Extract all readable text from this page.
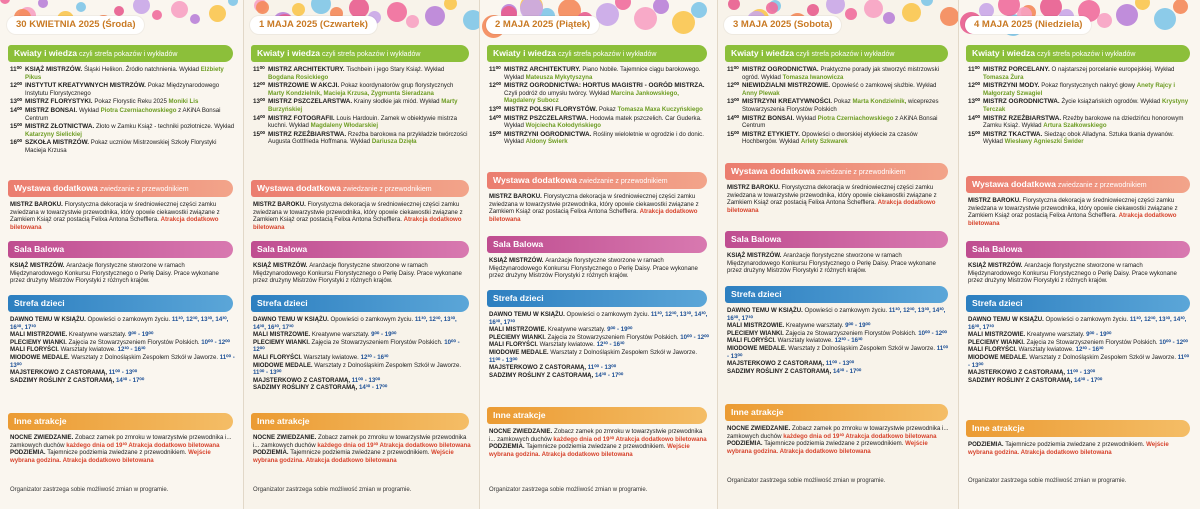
30 KWIETNIA 2025 (Środa)
Kwiaty i wiedza czyli strefa pokazów i wykładów
11⁰⁰ KSIĄŻ MISTRZÓW. Śląski Helikon. Źródło natchnienia. Wykład Elżbiety Pikus
12⁰⁰ INSTYTUT KREATYWNYCH MISTRZÓW. Pokaz Międzynarodowego Instytutu Florystycznego
13⁰⁰ MISTRZ FLORYSTYKI. Pokaz Florystic Reku 2025 Moniki Lis
14⁰⁰ MISTRZ BONSAI. Wykład Piotra Czerniachowskiego z AKiNA Bonsai Centrum
15⁰⁰ MISTRZ ZŁOTNICTWA. Złoto w Zamku Książ - techniki pozłotnicze. Wykład Katarzyny Sielickiej
16⁰⁰ SZKOŁA MISTRZÓW. Pokaz uczniów Mistrzowskiej Szkoły Florystyki Macieja Krzusa
Wystawa dodatkowa zwiedzanie z przewodnikiem
MISTRZ BAROKU. Florystyczna dekoracja w średniowiecznej części zamku zwiedzana w towarzystwie przewodnika, który opowie ciekawostki związane z Zamkiem Książ oraz postacią Felixa Antona Schefflera. Atrakcja dodatkowo biletowana
Sala Balowa
KSIĄŻ MISTRZÓW. Aranżacje florystyczne stworzone w ramach Międzynarodowego Konkursu Florystycznego o Perłę Daisy. Prace wykonane przez drużyny Mistrzów Florystyki z różnych krajów.
Strefa dzieci
DAWNO TEMU W KSIĄŻU. Opowieści o zamkowym życiu. 11³⁰, 12³⁰, 13³⁰, 14³⁰, 16³⁰, 17³⁰
MALI MISTRZOWIE. Kreatywne warsztaty. 9⁰⁰ - 19⁰⁰
PLECIEMY WIANKI. Zajęcia ze Stowarzyszeniem Florystów Polskich. 10⁰⁰ - 12⁰⁰
MALI FLORYŚCI. Warsztaty kwiatowe. 12³⁰ - 16³⁰
MIODOWE MEDALE. Warsztaty z Dolnośląskim Zespołem Szkół w Jaworze. 11⁰⁰ - 13⁰⁰
MAJSTERKOWO Z CASTORAMĄ, 11⁰⁰ - 13⁰⁰
SADZIMY ROŚLINY Z CASTORAMĄ, 14³⁰ - 17⁰⁰
Inne atrakcje
NOCNE ZWIEDZANIE. Zobacz zamek po zmroku w towarzystwie przewodnika i... zamkowych duchów każdego dnia od 19³⁰ Atrakcja dodatkowo biletowana
PODZIEMIA. Tajemnicze podziemia zwiedzane z przewodnikiem. Wejście wybrana godzina. Atrakcja dodatkowo biletowana
Organizator zastrzega sobie możliwość zmian w programie.
1 MAJA 2025 (Czwartek)
Kwiaty i wiedza czyli strefa pokazów i wykładów
11⁰⁰ MISTRZ ARCHITEKTURY. Tischbein i jego Stary Książ. Wykład Bogdana Rosickiego
12⁰⁰ MISTRZOWIE W AKCJI. Pokaz koordynatorów grup florystycznych Marty Kondzielnik, Macieja Krzusa, Zygmunta Sieradzana
13⁰⁰ MISTRZ PSZCZELARSTWA. Krainy słodkie jak miód. Wykład Marty Burzyńskiej
14⁰⁰ MISTRZ FOTOGRAFII. Louis Hardouin. Zamek w obiektywie mistrza kuchni. Wykład Magdaleny Włodarskiej
15⁰⁰ MISTRZ RZEŹBIARSTWA. Rzeźba barokowa na przykładzie twórczości Augusta Gottfrieda Hoffmana. Wykład Dariusza Dzięła
Wystawa dodatkowa zwiedzanie z przewodnikiem
MISTRZ BAROKU. Florystyczna dekoracja w średniowiecznej części zamku zwiedzana w towarzystwie przewodnika, który opowie ciekawostki związane z Zamkiem Książ oraz postacią Felixa Antona Schefflera. Atrakcja dodatkowo biletowana
Sala Balowa
KSIĄŻ MISTRZÓW. Aranżacje florystyczne stworzone w ramach Międzynarodowego Konkursu Florystycznego o Perłę Daisy. Prace wykonane przez drużyny Mistrzów Florystyki z różnych krajów.
Strefa dzieci
DAWNO TEMU W KSIĄŻU. Opowieści o zamkowym życiu. 11³⁰, 12³⁰, 13³⁰, 14³⁰, 16³⁰, 17³⁰
MALI MISTRZOWIE. Kreatywne warsztaty. 9⁰⁰ - 19⁰⁰
PLECIEMY WIANKI. Zajęcia ze Stowarzyszeniem Florystów Polskich. 10⁰⁰ - 12⁰⁰
MALI FLORYŚCI. Warsztaty kwiatowe. 12³⁰ - 16³⁰
MIODOWE MEDALE. Warsztaty z Dolnośląskim Zespołem Szkół w Jaworze. 11⁰⁰ - 13⁰⁰
MAJSTERKOWO Z CASTORAMĄ, 11⁰⁰ - 13⁰⁰
SADZIMY ROŚLINY Z CASTORAMĄ, 14³⁰ - 17⁰⁰
Inne atrakcje
NOCNE ZWIEDZANIE. Zobacz zamek po zmroku w towarzystwie przewodnika i... zamkowych duchów każdego dnia od 19³⁰ Atrakcja dodatkowo biletowana
PODZIEMIA. Tajemnicze podziemia zwiedzane z przewodnikiem. Wejście wybrana godzina. Atrakcja dodatkowo biletowana
Organizator zastrzega sobie możliwość zmian w programie.
2 MAJA 2025 (Piątek)
Kwiaty i wiedza czyli strefa pokazów i wykładów
11⁰⁰ MISTRZ ARCHITEKTURY. Piano Nobile. Tajemnice ciągu barokowego. Wykład Mateusza Mykytyszyna
12⁰⁰ MISTRZ OGRODNICTWA: HORTUS MAGISTRI - OGRÓD MISTRZA. Czyli podróż do umysłu twórcy. Wykład Marcina Jankowskiego, Magdaleny Subocz
13⁰⁰ MISTRZ POLSKI FLORYSTÓW. Pokaz Tomasza Maxa Kuczyńskiego
14⁰⁰ MISTRZ PSZCZELARSTWA. Hodowla matek pszczelich. Car Guderka. Wykład Wojciecha Kołodyńskiego
15⁰⁰ MISTRZYNI OGRODNICTWA. Rośliny wieloletnie w ogrodzie i do donic. Wykład Aldony Świerk
Wystawa dodatkowa zwiedzanie z przewodnikiem
MISTRZ BAROKU. Florystyczna dekoracja w średniowiecznej części zamku zwiedzana w towarzystwie przewodnika, który opowie ciekawostki związane z Zamkiem Książ oraz postacią Felixa Antona Schefflera. Atrakcja dodatkowo biletowana
Sala Balowa
KSIĄŻ MISTRZÓW. Aranżacje florystyczne stworzone w ramach Międzynarodowego Konkursu Florystycznego o Perłę Daisy. Prace wykonane przez drużyny Mistrzów Florystyki z różnych krajów.
Strefa dzieci
DAWNO TEMU W KSIĄŻU. Opowieści o zamkowym życiu. 11³⁰, 12³⁰, 13³⁰, 14³⁰, 16³⁰, 17³⁰
MALI MISTRZOWIE. Kreatywne warsztaty. 9⁰⁰ - 19⁰⁰
PLECIEMY WIANKI. Zajęcia ze Stowarzyszeniem Florystów Polskich. 10⁰⁰ - 12⁰⁰
MALI FLORYŚCI. Warsztaty kwiatowe. 12³⁰ - 16³⁰
MIODOWE MEDALE. Warsztaty z Dolnośląskim Zespołem Szkół w Jaworze. 11⁰⁰ - 13⁰⁰
MAJSTERKOWO Z CASTORAMĄ, 11⁰⁰ - 13⁰⁰
SADZIMY ROŚLINY Z CASTORAMĄ, 14³⁰ - 17⁰⁰
Inne atrakcje
NOCNE ZWIEDZANIE. Zobacz zamek po zmroku w towarzystwie przewodnika i... zamkowych duchów każdego dnia od 19³⁰ Atrakcja dodatkowo biletowana
PODZIEMIA. Tajemnicze podziemia zwiedzane z przewodnikiem. Wejście wybrana godzina. Atrakcja dodatkowo biletowana
Organizator zastrzega sobie możliwość zmian w programie.
3 MAJA 2025 (Sobota)
Kwiaty i wiedza czyli strefa pokazów i wykładów
11⁰⁰ MISTRZ OGRODNICTWA. Praktyczne porady jak stworzyć mistrzowski ogród. Wykład Tomasza Iwanowicza
12⁰⁰ NIEWIDZIALNI MISTRZOWIE. Opowieść o zamkowej służbie. Wykład Anny Plewak
13⁰⁰ MISTRZYNI KREATYWNOŚCI. Pokaz Marta Kondzielnik, wiceprezes Stowarzyszenia Florystów Polskich
14⁰⁰ MISTRZ BONSAI. Wykład Piotra Czerniachowskiego z AKiNA Bonsai Centrum
15⁰⁰ MISTRZ ETYKIETY. Opowieści o dworskiej etykiecie za czasów Hochbergów. Wykład Arlety Szkwarek
Wystawa dodatkowa zwiedzanie z przewodnikiem
MISTRZ BAROKU. Florystyczna dekoracja w średniowiecznej części zamku zwiedzana w towarzystwie przewodnika, który opowie ciekawostki związane z Zamkiem Książ oraz postacią Felixa Antona Schefflera. Atrakcja dodatkowo biletowana
Sala Balowa
KSIĄŻ MISTRZÓW. Aranżacje florystyczne stworzone w ramach Międzynarodowego Konkursu Florystycznego o Perłę Daisy. Prace wykonane przez drużyny Mistrzów Florystyki z różnych krajów.
Strefa dzieci
DAWNO TEMU W KSIĄŻU. Opowieści o zamkowym życiu. 11³⁰, 12³⁰, 13³⁰, 14³⁰, 16³⁰, 17³⁰
MALI MISTRZOWIE. Kreatywne warsztaty. 9⁰⁰ - 19⁰⁰
PLECIEMY WIANKI. Zajęcia ze Stowarzyszeniem Florystów Polskich. 10⁰⁰ - 12⁰⁰
MALI FLORYŚCI. Warsztaty kwiatowe. 12³⁰ - 16³⁰
MIODOWE MEDALE. Warsztaty z Dolnośląskim Zespołem Szkół w Jaworze. 11⁰⁰ - 13⁰⁰
MAJSTERKOWO Z CASTORAMĄ, 11⁰⁰ - 13⁰⁰
SADZIMY ROŚLINY Z CASTORAMĄ, 14³⁰ - 17⁰⁰
Inne atrakcje
NOCNE ZWIEDZANIE. Zobacz zamek po zmroku w towarzystwie przewodnika i... zamkowych duchów każdego dnia od 19³⁰ Atrakcja dodatkowo biletowana
PODZIEMIA. Tajemnicze podziemia zwiedzane z przewodnikiem. Wejście wybrana godzina. Atrakcja dodatkowo biletowana
Organizator zastrzega sobie możliwość zmian w programie.
4 MAJA 2025 (Niedziela)
Kwiaty i wiedza czyli strefa pokazów i wykładów
11⁰⁰ MISTRZ PORCELANY. O najstarszej porcelanie europejskiej. Wykład Tomasza Żura
12⁰⁰ MISTRZYNI MODY. Pokaz florystycznych nakryć głowy Anety Rajcy i Małgorzaty Szwagiel
13⁰⁰ MISTRZ OGRODNICTWA. Życie książańskich ogrodów. Wykład Krystyny Terczak
14⁰⁰ MISTRZ RZEŹBIARSTWA. Rzeźby barokowe na dziedzińcu honorowym Zamku Książ. Wykład Artura Szałkowskiego
15⁰⁰ MISTRZ TKACTWA. Siedząc obok Alladyna. Sztuka tkania dywanów. Wykład Wiesławy Agnieszki Świder
Wystawa dodatkowa zwiedzanie z przewodnikiem
MISTRZ BAROKU. Florystyczna dekoracja w średniowiecznej części zamku zwiedzana w towarzystwie przewodnika, który opowie ciekawostki związane z Zamkiem Książ oraz postacią Felixa Antona Schefflera. Atrakcja dodatkowo biletowana
Sala Balowa
KSIĄŻ MISTRZÓW. Aranżacje florystyczne stworzone w ramach Międzynarodowego Konkursu Florystycznego o Perłę Daisy. Prace wykonane przez drużyny Mistrzów Florystyki z różnych krajów.
Strefa dzieci
DAWNO TEMU W KSIĄŻU. Opowieści o zamkowym życiu. 11³⁰, 12³⁰, 13³⁰, 14³⁰, 16³⁰, 17³⁰
MALI MISTRZOWIE. Kreatywne warsztaty. 9⁰⁰ - 19⁰⁰
PLECIEMY WIANKI. Zajęcia ze Stowarzyszeniem Florystów Polskich. 10⁰⁰ - 12⁰⁰
MALI FLORYŚCI. Warsztaty kwiatowe. 12³⁰ - 16³⁰
MIODOWE MEDALE. Warsztaty z Dolnośląskim Zespołem Szkół w Jaworze. 11⁰⁰ - 13⁰⁰
MAJSTERKOWO Z CASTORAMĄ, 11⁰⁰ - 13⁰⁰
SADZIMY ROŚLINY Z CASTORAMĄ, 14³⁰ - 17⁰⁰
Inne atrakcje
PODZIEMIA. Tajemnicze podziemia zwiedzane z przewodnikiem. Wejście wybrana godzina. Atrakcja dodatkowo biletowana
Organizator zastrzega sobie możliwość zmian w programie.
